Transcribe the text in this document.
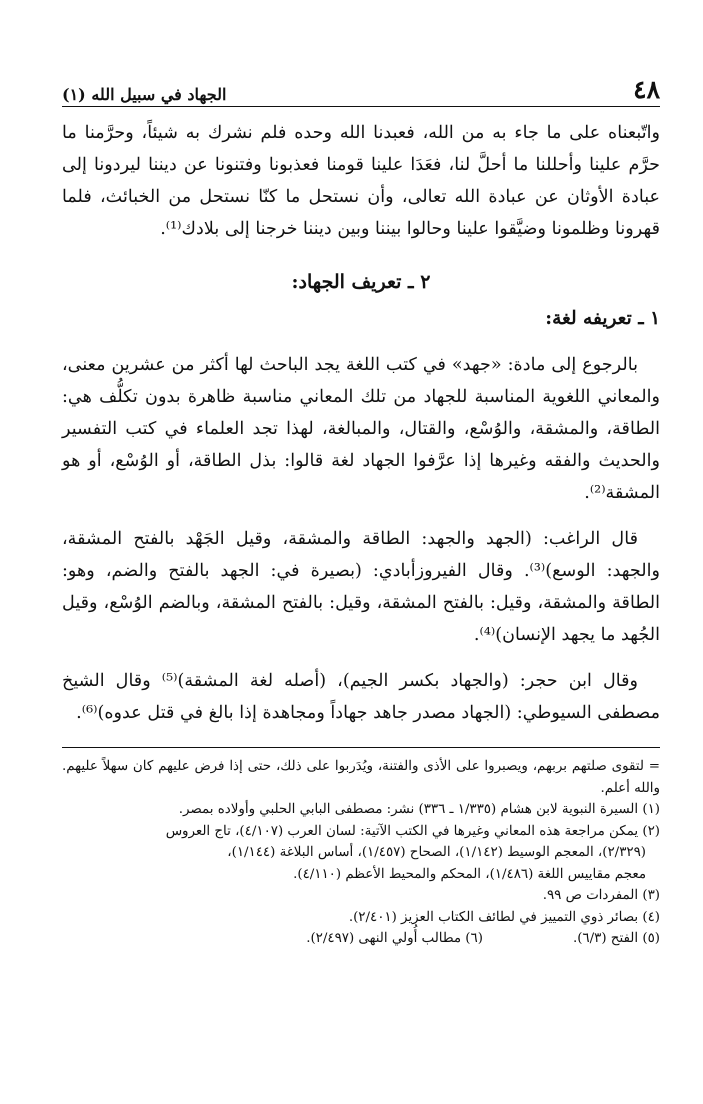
٤٨
الجهاد في سبيل الله (١)

واتّبعناه على ما جاء به من الله، فعبدنا الله وحده فلم نشرك به شيئاً، وحرَّمنا ما حرَّم علينا وأحللنا ما أحلَّ لنا، فعَدَا علينا قومنا فعذبونا وفتنونا عن ديننا ليردونا إلى عبادة الأوثان عن عبادة الله تعالى، وأن نستحل ما كنّا نستحل من الخبائث، فلما قهرونا وظلمونا وضيَّقوا علينا وحالوا بيننا وبين ديننا خرجنا إلى بلادك⁽¹⁾.

٢ ـ تعريف الجهاد:
١ ـ تعريفه لغة:

بالرجوع إلى مادة: «جهد» في كتب اللغة يجد الباحث لها أكثر من عشرين معنى، والمعاني اللغوية المناسبة للجهاد من تلك المعاني مناسبة ظاهرة بدون تكلُّف هي: الطاقة، والمشقة، والوُسْع، والقتال، والمبالغة، لهذا تجد العلماء في كتب التفسير والحديث والفقه وغيرها إذا عرَّفوا الجهاد لغة قالوا: بذل الطاقة، أو الوُسْع، أو هو المشقة⁽²⁾.

قال الراغب: (الجهد والجهد: الطاقة والمشقة، وقيل الجَهْد بالفتح المشقة، والجهد: الوسع)⁽³⁾. وقال الفيروزأبادي: (بصيرة في: الجهد بالفتح والضم، وهو: الطاقة والمشقة، وقيل: بالفتح المشقة، وقيل: بالفتح المشقة، وبالضم الوُسْع، وقيل الجُهد ما يجهد الإنسان)⁽⁴⁾.

وقال ابن حجر: (والجهاد بكسر الجيم)، (أصله لغة المشقة)⁽⁵⁾ وقال الشيخ مصطفى السيوطي: (الجهاد مصدر جاهد جهاداً ومجاهدة إذا بالغ في قتل عدوه)⁽⁶⁾.

= لتقوى صلتهم بربهم، ويصبروا على الأذى والفتنة، ويُدَربوا على ذلك، حتى إذا فرض عليهم كان سهلاً عليهم. والله أعلم.
(١) السيرة النبوية لابن هشام (١/٣٣٥ ـ ٣٣٦) نشر: مصطفى البابي الحلبي وأولاده بمصر.
(٢) يمكن مراجعة هذه المعاني وغيرها في الكتب الآتية: لسان العرب (٤/١٠٧)، تاج العروس
(٢/٣٢٩)، المعجم الوسيط (١/١٤٢)، الصحاح (١/٤٥٧)، أساس البلاغة (١/١٤٤)،
معجم مقاييس اللغة (١/٤٨٦)، المحكم والمحيط الأعظم (٤/١١٠).
(٣) المفردات ص ٩٩.
(٤) بصائر ذوي التمييز في لطائف الكتاب العزيز (٢/٤٠١).
(٥) الفتح (٦/٣).
(٦) مطالب أُولي النهى (٢/٤٩٧).
